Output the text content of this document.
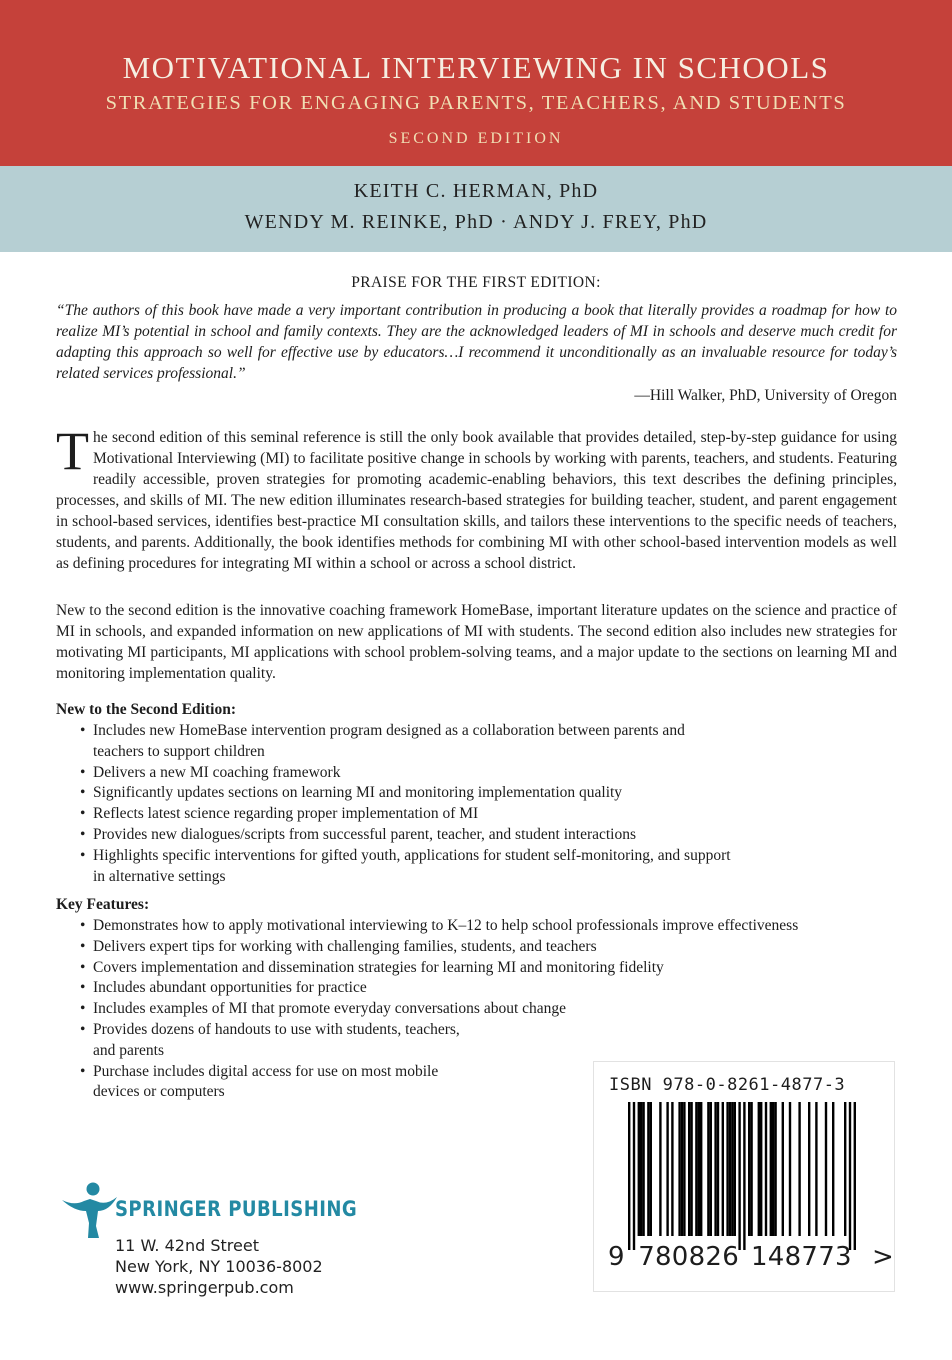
MOTIVATIONAL INTERVIEWING IN SCHOOLS
STRATEGIES FOR ENGAGING PARENTS, TEACHERS, AND STUDENTS
SECOND EDITION
KEITH C. HERMAN, PhD
WENDY M. REINKE, PhD · ANDY J. FREY, PhD
PRAISE FOR THE FIRST EDITION:
“The authors of this book have made a very important contribution in producing a book that literally provides a roadmap for how to realize MI’s potential in school and family contexts. They are the acknowledged leaders of MI in schools and deserve much credit for adapting this approach so well for effective use by educators…I recommend it unconditionally as an invaluable resource for today’s related services professional.”
—Hill Walker, PhD, University of Oregon
The second edition of this seminal reference is still the only book available that provides detailed, step-by-step guidance for using Motivational Interviewing (MI) to facilitate positive change in schools by working with parents, teachers, and students. Featuring readily accessible, proven strategies for promoting academic-enabling behaviors, this text describes the defining principles, processes, and skills of MI. The new edition illuminates research-based strategies for building teacher, student, and parent engagement in school-based services, identifies best-practice MI consultation skills, and tailors these interventions to the specific needs of teachers, students, and parents. Additionally, the book identifies methods for combining MI with other school-based intervention models as well as defining procedures for integrating MI within a school or across a school district.
New to the second edition is the innovative coaching framework HomeBase, important literature updates on the science and practice of MI in schools, and expanded information on new applications of MI with students. The second edition also includes new strategies for motivating MI participants, MI applications with school problem-solving teams, and a major update to the sections on learning MI and monitoring implementation quality.
New to the Second Edition:
• Includes new HomeBase intervention program designed as a collaboration between parents and
teachers to support children
• Delivers a new MI coaching framework
• Significantly updates sections on learning MI and monitoring implementation quality
• Reflects latest science regarding proper implementation of MI
• Provides new dialogues/scripts from successful parent, teacher, and student interactions
• Highlights specific interventions for gifted youth, applications for student self-monitoring, and support
in alternative settings
Key Features:
• Demonstrates how to apply motivational interviewing to K–12 to help school professionals improve effectiveness
• Delivers expert tips for working with challenging families, students, and teachers
• Covers implementation and dissemination strategies for learning MI and monitoring fidelity
• Includes abundant opportunities for practice
• Includes examples of MI that promote everyday conversations about change
• Provides dozens of handouts to use with students, teachers,
and parents
• Purchase includes digital access for use on most mobile
devices or computers
SPRINGER PUBLISHING
11 W. 42nd Street
New York, NY 10036-8002
www.springerpub.com
ISBN 978-0-8261-4877-3
9 7 8 0 8 2 6 1 4 8 7 7 3 >
